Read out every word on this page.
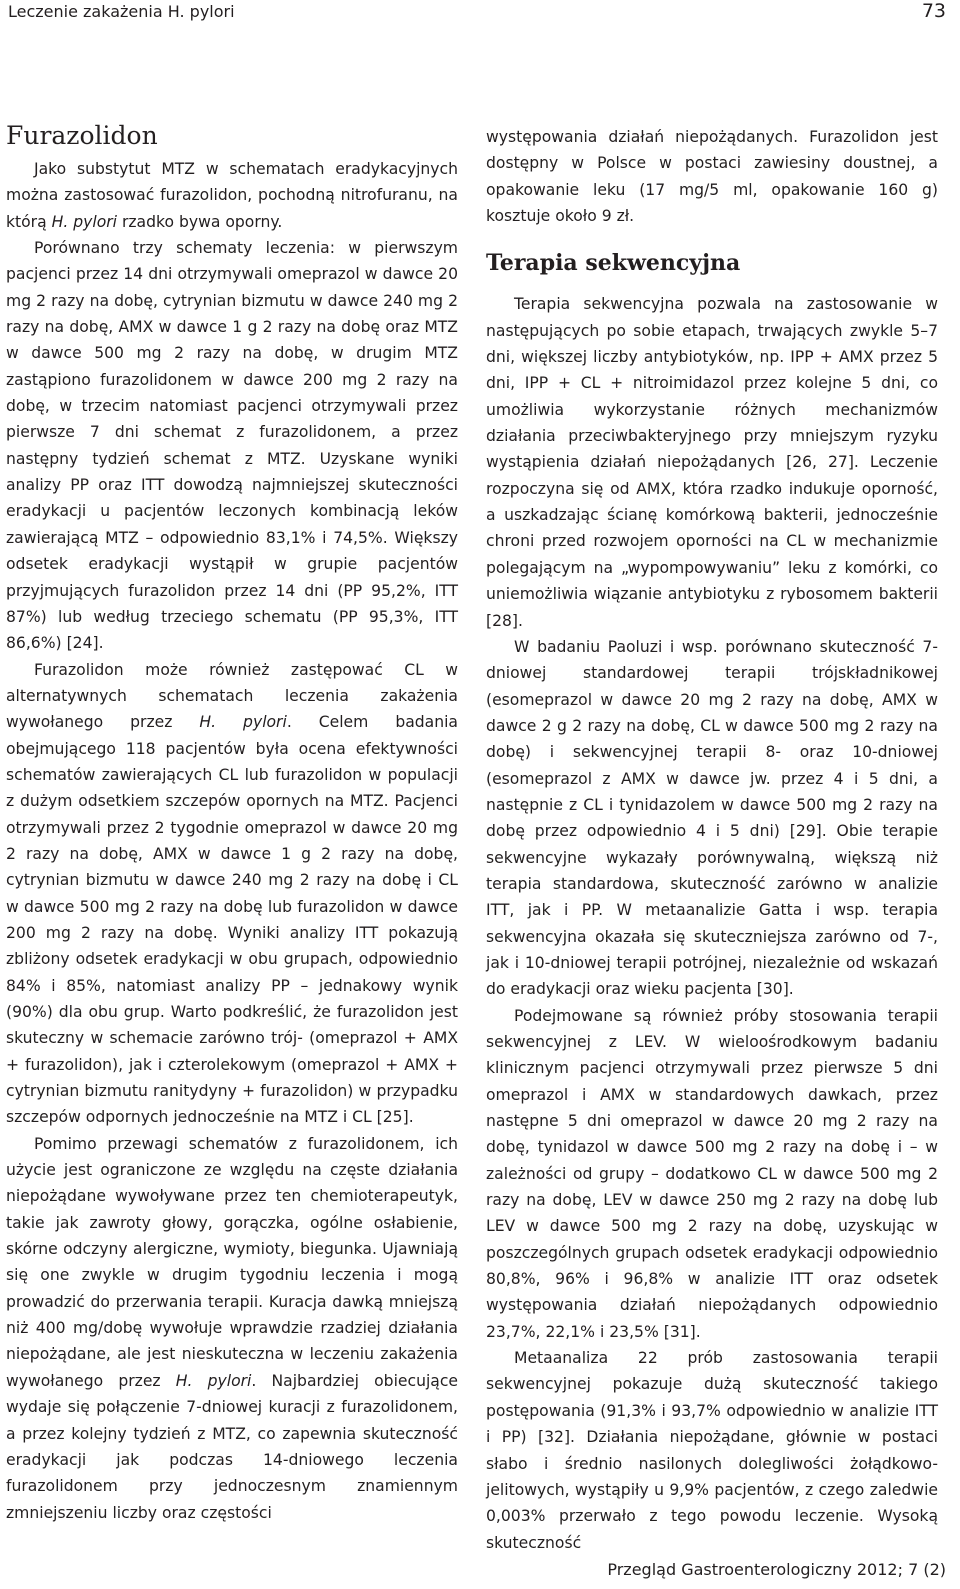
Leczenie zakażenia H. pylori	73
Furazolidon

Jako substytut MTZ w schematach eradykacyjnych można zastosować furazolidon, pochodną nitrofuranu, na którą H. pylori rzadko bywa oporny.

Porównano trzy schematy leczenia: w pierwszym pacjenci przez 14 dni otrzymywali omeprazol w dawce 20 mg 2 razy na dobę, cytrynian bizmutu w dawce 240 mg 2 razy na dobę, AMX w dawce 1 g 2 razy na dobę oraz MTZ w dawce 500 mg 2 razy na dobę, w drugim MTZ zastąpiono furazolidonem w dawce 200 mg 2 razy na dobę, w trzecim natomiast pacjenci otrzymywali przez pierwsze 7 dni schemat z furazolidonem, a przez następny tydzień schemat z MTZ. Uzyskane wyniki analizy PP oraz ITT dowodzą najmniejszej skuteczności eradykacji u pacjentów leczonych kombinacją leków zawierającą MTZ – odpowiednio 83,1% i 74,5%. Większy odsetek eradykacji wystąpił w grupie pacjentów przyjmujących furazolidon przez 14 dni (PP 95,2%, ITT 87%) lub według trzeciego schematu (PP 95,3%, ITT 86,6%) [24].

Furazolidon może również zastępować CL w alternatywnych schematach leczenia zakażenia wywołanego przez H. pylori. Celem badania obejmującego 118 pacjentów była ocena efektywności schematów zawierających CL lub furazolidon w populacji z dużym odsetkiem szczepów opornych na MTZ. Pacjenci otrzymywali przez 2 tygodnie omeprazol w dawce 20 mg 2 razy na dobę, AMX w dawce 1 g 2 razy na dobę, cytrynian bizmutu w dawce 240 mg 2 razy na dobę i CL w dawce 500 mg 2 razy na dobę lub furazolidon w dawce 200 mg 2 razy na dobę. Wyniki analizy ITT pokazują zbliżony odsetek eradykacji w obu grupach, odpowiednio 84% i 85%, natomiast analizy PP – jednakowy wynik (90%) dla obu grup. Warto podkreślić, że furazolidon jest skuteczny w schemacie zarówno trój- (omeprazol + AMX + furazolidon), jak i czterolekowym (omeprazol + AMX + cytrynian bizmutu ranitydyny + furazolidon) w przypadku szczepów odpornych jednocześnie na MTZ i CL [25].

Pomimo przewagi schematów z furazolidonem, ich użycie jest ograniczone ze względu na częste działania niepożądane wywoływane przez ten chemioterapeutyk, takie jak zawroty głowy, gorączka, ogólne osłabienie, skórne odczyny alergiczne, wymioty, biegunka. Ujawniają się one zwykle w drugim tygodniu leczenia i mogą prowadzić do przerwania terapii. Kuracja dawką mniejszą niż 400 mg/dobę wywołuje wprawdzie rzadziej działania niepożądane, ale jest nieskuteczna w leczeniu zakażenia wywołanego przez H. pylori. Najbardziej obiecujące wydaje się połączenie 7-dniowej kuracji z furazolidonem, a przez kolejny tydzień z MTZ, co zapewnia skuteczność eradykacji jak podczas 14-dniowego leczenia furazolidonem przy jednoczesnym znamiennym zmniejszeniu liczby oraz częstości

występowania działań niepożądanych. Furazolidon jest dostępny w Polsce w postaci zawiesiny doustnej, a opakowanie leku (17 mg/5 ml, opakowanie 160 g) kosztuje około 9 zł.

Terapia sekwencyjna

Terapia sekwencyjna pozwala na zastosowanie w następujących po sobie etapach, trwających zwykle 5–7 dni, większej liczby antybiotyków, np. IPP + AMX przez 5 dni, IPP + CL + nitroimidazol przez kolejne 5 dni, co umożliwia wykorzystanie różnych mechanizmów działania przeciwbakteryjnego przy mniejszym ryzyku wystąpienia działań niepożądanych [26, 27]. Leczenie rozpoczyna się od AMX, która rzadko indukuje oporność, a uszkadzając ścianę komórkową bakterii, jednocześnie chroni przed rozwojem oporności na CL w mechanizmie polegającym na „wypompowywaniu” leku z komórki, co uniemożliwia wiązanie antybiotyku z rybosomem bakterii [28].

W badaniu Paoluzi i wsp. porównano skuteczność 7-dniowej standardowej terapii trójskładnikowej (esomeprazol w dawce 20 mg 2 razy na dobę, AMX w dawce 2 g 2 razy na dobę, CL w dawce 500 mg 2 razy na dobę) i sekwencyjnej terapii 8- oraz 10-dniowej (esomeprazol z AMX w dawce jw. przez 4 i 5 dni, a następnie z CL i tynidazolem w dawce 500 mg 2 razy na dobę przez odpowiednio 4 i 5 dni) [29]. Obie terapie sekwencyjne wykazały porównywalną, większą niż terapia standardowa, skuteczność zarówno w analizie ITT, jak i PP. W metaanalizie Gatta i wsp. terapia sekwencyjna okazała się skuteczniejsza zarówno od 7-, jak i 10-dniowej terapii potrójnej, niezależnie od wskazań do eradykacji oraz wieku pacjenta [30].

Podejmowane są również próby stosowania terapii sekwencyjnej z LEV. W wieloośrodkowym badaniu klinicznym pacjenci otrzymywali przez pierwsze 5 dni omeprazol i AMX w standardowych dawkach, przez następne 5 dni omeprazol w dawce 20 mg 2 razy na dobę, tynidazol w dawce 500 mg 2 razy na dobę i – w zależności od grupy – dodatkowo CL w dawce 500 mg 2 razy na dobę, LEV w dawce 250 mg 2 razy na dobę lub LEV w dawce 500 mg 2 razy na dobę, uzyskując w poszczególnych grupach odsetek eradykacji odpowiednio 80,8%, 96% i 96,8% w analizie ITT oraz odsetek występowania działań niepożądanych odpowiednio 23,7%, 22,1% i 23,5% [31].

Metaanaliza 22 prób zastosowania terapii sekwencyjnej pokazuje dużą skuteczność takiego postępowania (91,3% i 93,7% odpowiednio w analizie ITT i PP) [32]. Działania niepożądane, głównie w postaci słabo i średnio nasilonych dolegliwości żołądkowo-jelitowych, wystąpiły u 9,9% pacjentów, z czego zaledwie 0,003% przerwało z tego powodu leczenie. Wysoką skuteczność

Przegląd Gastroenterologiczny 2012; 7 (2)
